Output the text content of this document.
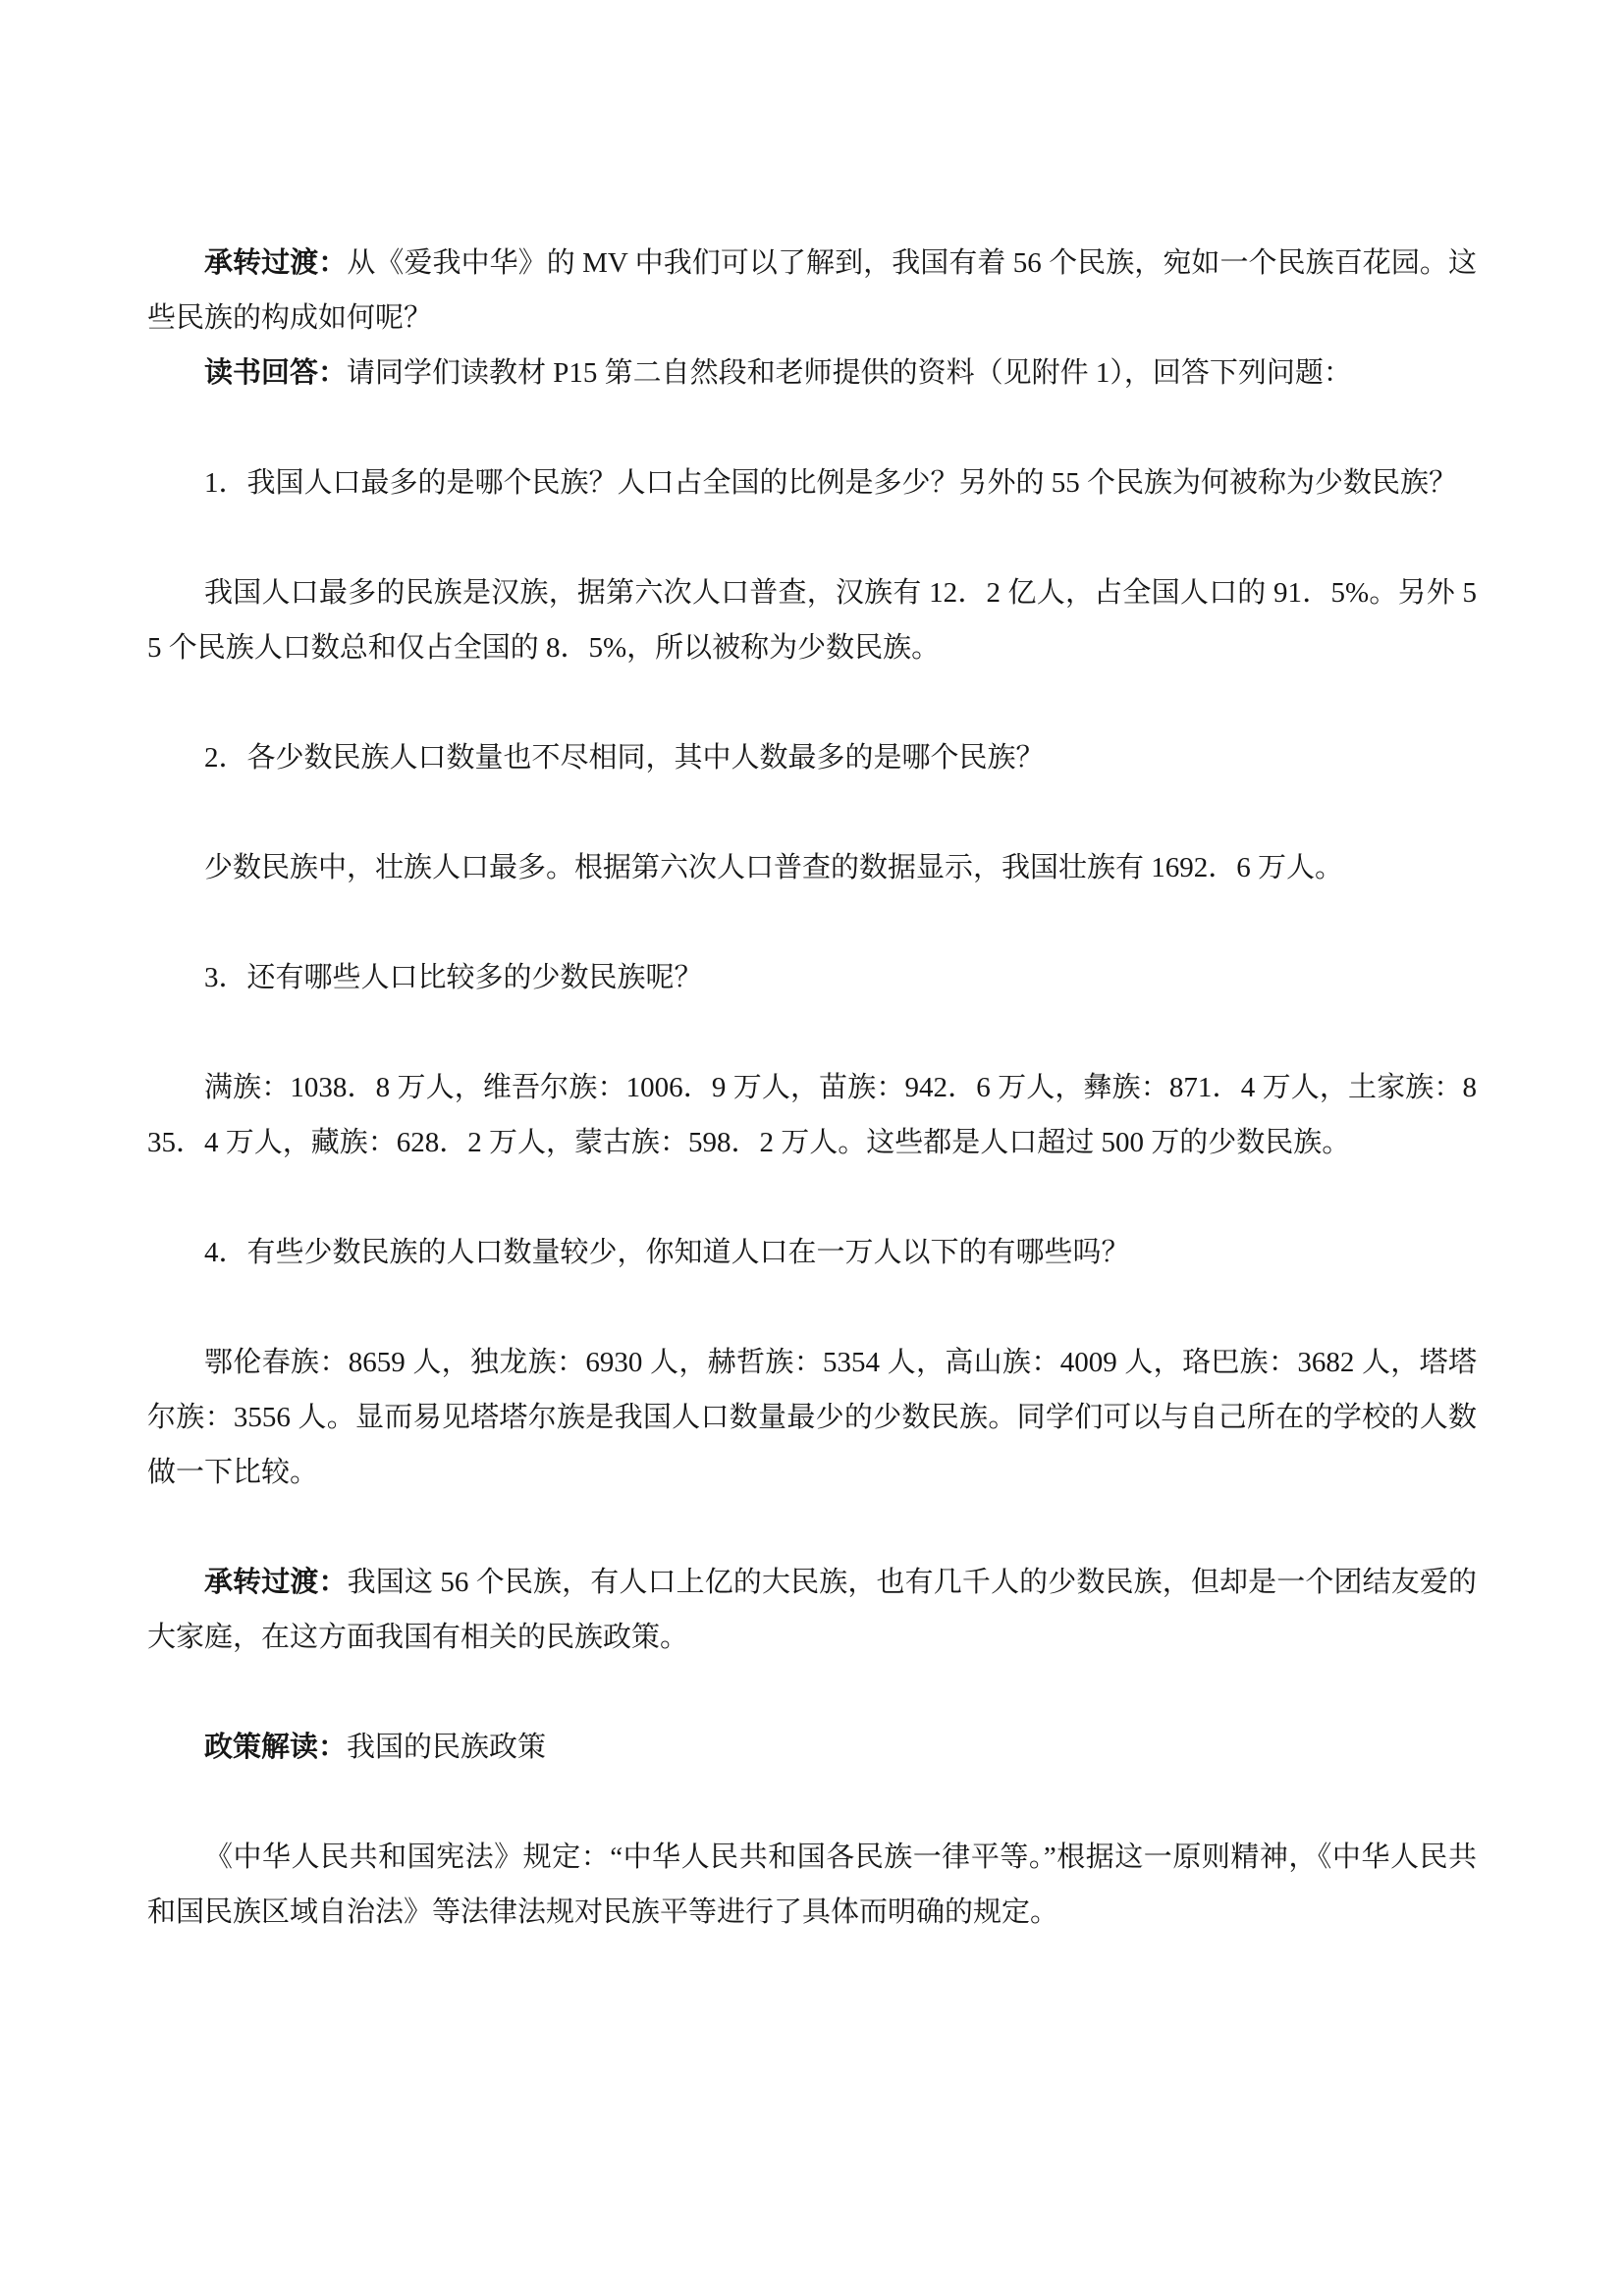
承转过渡：从《爱我中华》的 MV 中我们可以了解到，我国有着 56 个民族，宛如一个民族百花园。这些民族的构成如何呢？

读书回答：请同学们读教材 P15 第二自然段和老师提供的资料（见附件 1），回答下列问题：

1．我国人口最多的是哪个民族？人口占全国的比例是多少？另外的 55 个民族为何被称为少数民族？

我国人口最多的民族是汉族，据第六次人口普查，汉族有 12．2 亿人，占全国人口的 91．5%。另外 55 个民族人口数总和仅占全国的 8．5%，所以被称为少数民族。

2．各少数民族人口数量也不尽相同，其中人数最多的是哪个民族？

少数民族中，壮族人口最多。根据第六次人口普查的数据显示，我国壮族有 1692．6 万人。

3．还有哪些人口比较多的少数民族呢？

满族：1038．8 万人，维吾尔族：1006．9 万人，苗族：942．6 万人，彝族：871．4 万人，土家族：835．4 万人，藏族：628．2 万人，蒙古族：598．2 万人。这些都是人口超过 500 万的少数民族。

4．有些少数民族的人口数量较少，你知道人口在一万人以下的有哪些吗？

鄂伦春族：8659 人，独龙族：6930 人，赫哲族：5354 人，高山族：4009 人，珞巴族：3682 人，塔塔尔族：3556 人。显而易见塔塔尔族是我国人口数量最少的少数民族。同学们可以与自己所在的学校的人数做一下比较。

承转过渡：我国这 56 个民族，有人口上亿的大民族，也有几千人的少数民族，但却是一个团结友爱的大家庭，在这方面我国有相关的民族政策。

政策解读：我国的民族政策

《中华人民共和国宪法》规定：“中华人民共和国各民族一律平等。”根据这一原则精神，《中华人民共和国民族区域自治法》等法律法规对民族平等进行了具体而明确的规定。
